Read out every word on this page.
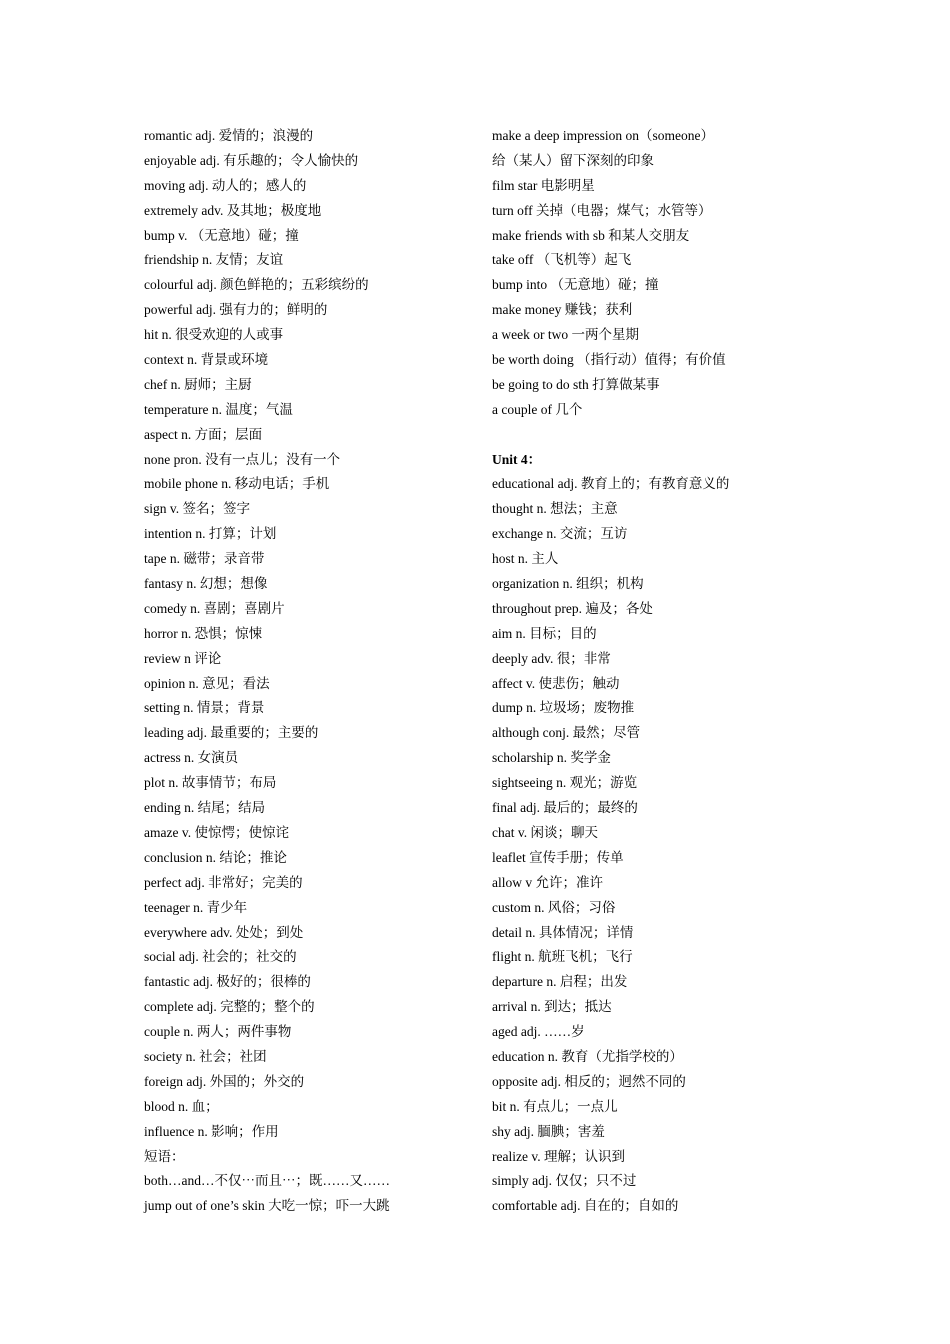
romantic adj. 爱情的；浪漫的
enjoyable adj. 有乐趣的；令人愉快的
moving adj. 动人的；感人的
extremely adv. 及其地；极度地
bump v. （无意地）碰；撞
friendship n. 友情；友谊
colourful adj. 颜色鲜艳的；五彩缤纷的
powerful adj. 强有力的；鲜明的
hit n. 很受欢迎的人或事
context n. 背景或环境
chef n. 厨师；主厨
temperature n. 温度；气温
aspect n. 方面；层面
none pron. 没有一点儿；没有一个
mobile phone n. 移动电话；手机
sign v. 签名；签字
intention n. 打算；计划
tape n. 磁带；录音带
fantasy n. 幻想；想像
comedy n. 喜剧；喜剧片
horror n. 恐惧；惊悚
review n 评论
opinion n. 意见；看法
setting n. 情景；背景
leading adj. 最重要的；主要的
actress n. 女演员
plot n. 故事情节；布局
ending n. 结尾；结局
amaze v. 使惊愕；使惊诧
conclusion n. 结论；推论
perfect adj. 非常好；完美的
teenager n. 青少年
everywhere adv. 处处；到处
social adj. 社会的；社交的
fantastic adj. 极好的；很棒的
complete adj. 完整的；整个的
couple n. 两人；两件事物
society n. 社会；社团
foreign adj. 外国的；外交的
blood n. 血；
influence n. 影响；作用
短语：
both…and…不仅⋯而且⋯；既……又……
jump out of one’s skin 大吃一惊；吓一大跳
make a deep impression on（someone）
给（某人）留下深刻的印象
film star 电影明星
turn off 关掉（电器；煤气；水管等）
make friends with sb 和某人交朋友
take off （飞机等）起飞
bump into （无意地）碰；撞
make money 赚钱；获利
a week or two 一两个星期
be worth doing （指行动）值得；有价值
be going to do sth 打算做某事
a couple of 几个
Unit 4：
educational adj. 教育上的；有教育意义的
thought n. 想法；主意
exchange n. 交流；互访
host n. 主人
organization n. 组织；机构
throughout prep. 遍及；各处
aim n. 目标；目的
deeply adv. 很；非常
affect v. 使悲伤；触动
dump n. 垃圾场；废物推
although conj. 最然；尽管
scholarship n. 奖学金
sightseeing n. 观光；游览
final adj. 最后的；最终的
chat v. 闲谈；聊天
leaflet 宣传手册；传单
allow v 允许；准许
custom n. 风俗；习俗
detail n. 具体情况；详情
flight n. 航班飞机；飞行
departure n. 启程；出发
arrival n. 到达；抵达
aged adj. ……岁
education n. 教育（尤指学校的）
opposite adj. 相反的；迥然不同的
bit n. 有点儿；一点儿
shy adj. 腼腆；害羞
realize v. 理解；认识到
simply adj. 仅仅；只不过
comfortable adj. 自在的；自如的
